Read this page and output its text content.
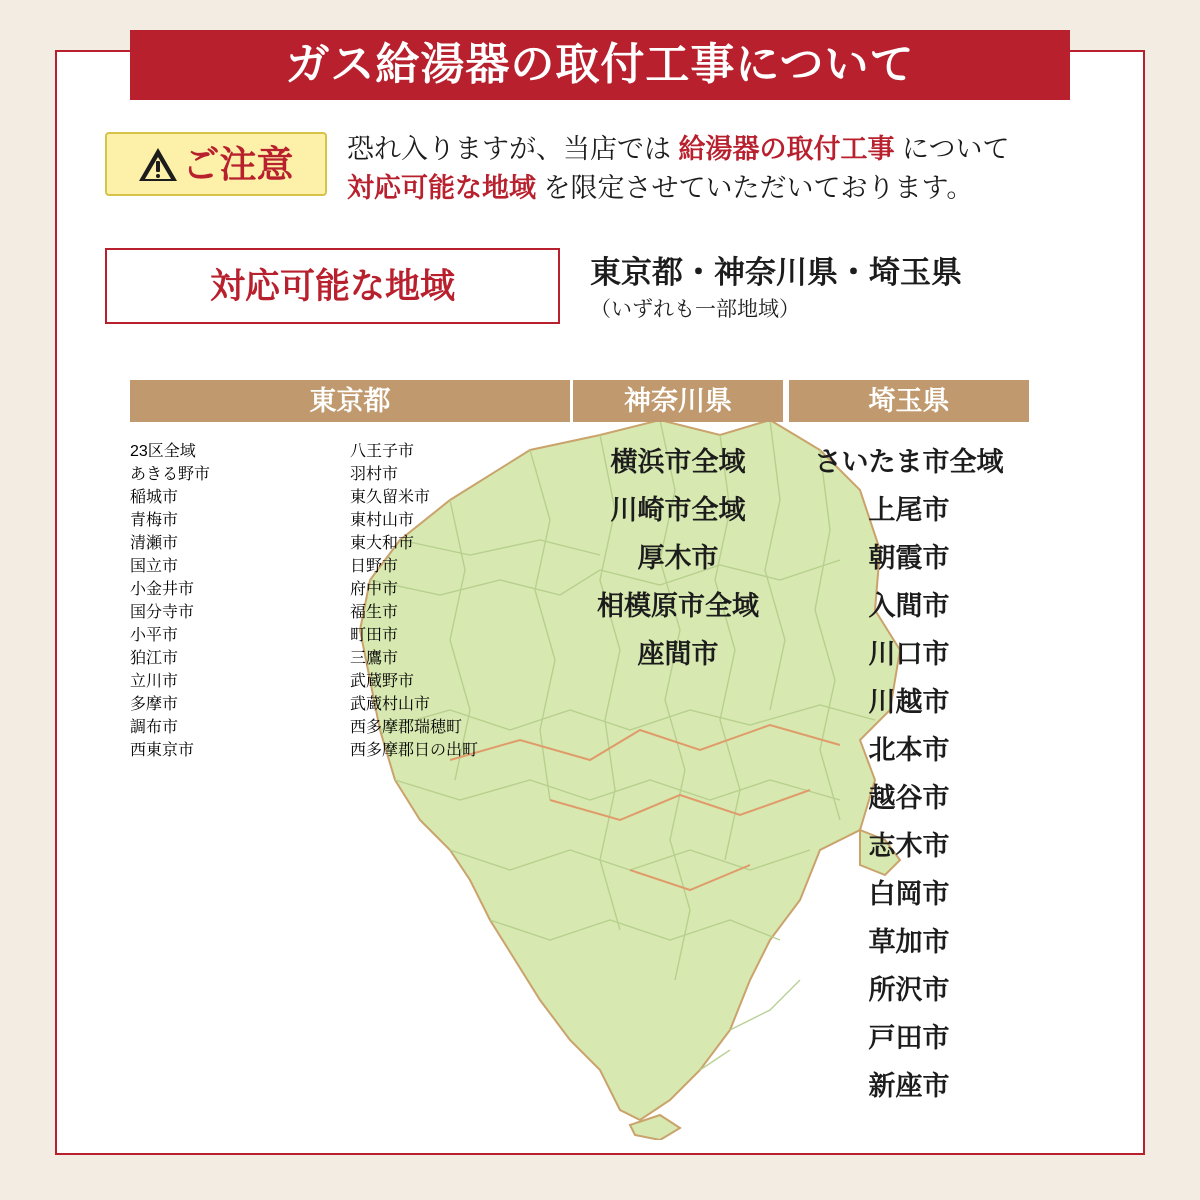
ガス給湯器の取付工事について
ご注意 恐れ入りますが、当店では 給湯器の取付工事 について
対応可能な地域 を限定させていただいております。
対応可能な地域	東京都・神奈川県・埼玉県
（いずれも一部地域）
東京都
23区全域
あきる野市
稲城市
青梅市
清瀬市
国立市
小金井市
国分寺市
小平市
狛江市
立川市
多摩市
調布市
西東京市
八王子市
羽村市
東久留米市
東村山市
東大和市
日野市
府中市
福生市
町田市
三鷹市
武蔵野市
武蔵村山市
西多摩郡瑞穂町
西多摩郡日の出町
神奈川県
横浜市全域
川崎市全域
厚木市
相模原市全域
座間市
埼玉県
さいたま市全域
上尾市
朝霞市
入間市
川口市
川越市
北本市
越谷市
志木市
白岡市
草加市
所沢市
戸田市
新座市
